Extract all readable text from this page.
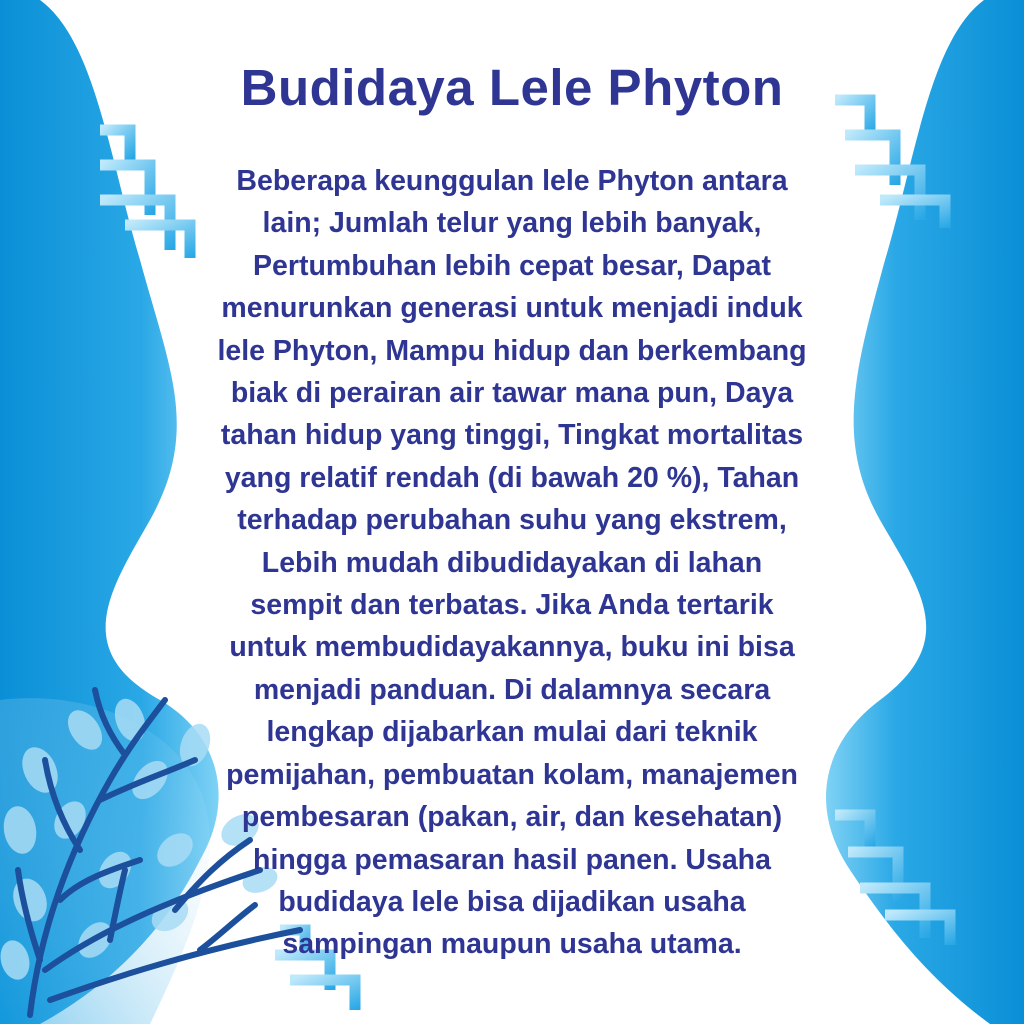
Budidaya Lele Phyton

Beberapa keunggulan lele Phyton antara
lain; Jumlah telur yang lebih banyak,
Pertumbuhan lebih cepat besar, Dapat
menurunkan generasi untuk menjadi induk
lele Phyton, Mampu hidup dan berkembang
biak di perairan air tawar mana pun, Daya
tahan hidup yang tinggi, Tingkat mortalitas
yang relatif rendah (di bawah 20 %), Tahan
terhadap perubahan suhu yang ekstrem,
Lebih mudah dibudidayakan di lahan
sempit dan terbatas. Jika Anda tertarik
untuk membudidayakannya, buku ini bisa
menjadi panduan. Di dalamnya secara
lengkap dijabarkan mulai dari teknik
pemijahan, pembuatan kolam, manajemen
pembesaran (pakan, air, dan kesehatan)
hingga pemasaran hasil panen. Usaha
budidaya lele bisa dijadikan usaha
sampingan maupun usaha utama.
